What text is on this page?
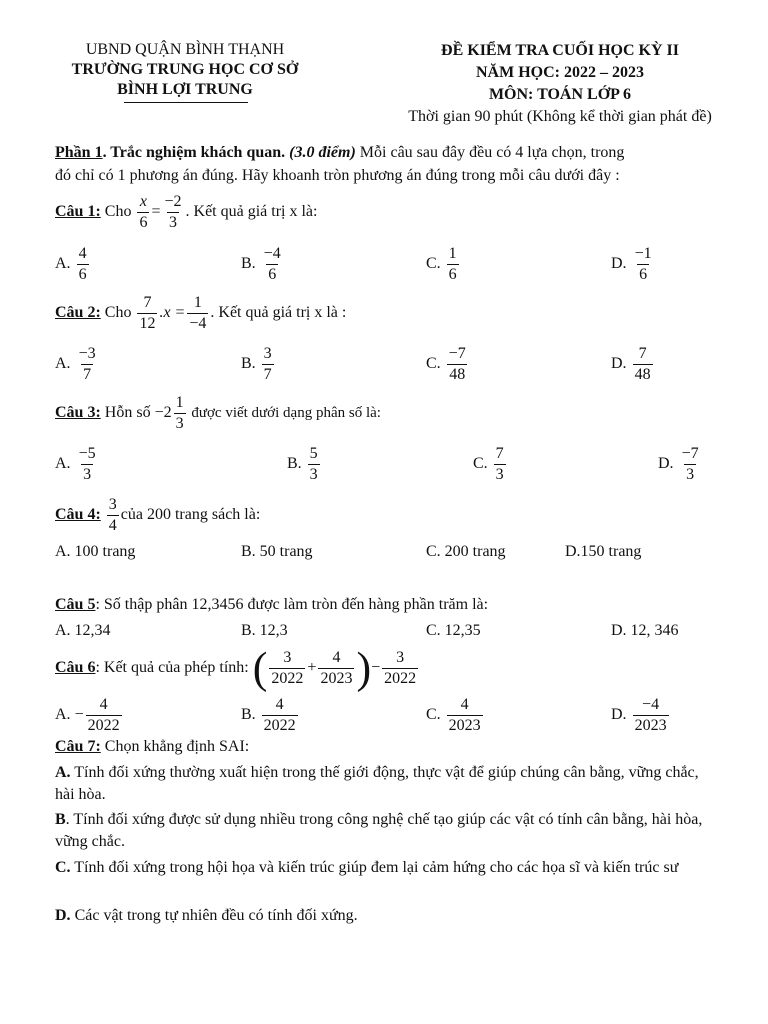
UBND QUẬN BÌNH THẠNH
TRƯỜNG TRUNG HỌC CƠ SỞ
BÌNH LỢI TRUNG
ĐỀ KIỂM TRA CUỐI HỌC KỲ II
NĂM HỌC: 2022 – 2023
MÔN: TOÁN LỚP 6
Thời gian 90 phút (Không kể thời gian phát đề)
Phần 1. Trắc nghiệm khách quan. (3.0 điểm) Mỗi câu sau đây đều có 4 lựa chọn, trong
đó chỉ có 1 phương án đúng. Hãy khoanh tròn phương án đúng trong mỗi câu dưới đây :
Câu 1: Cho $\frac{x}{6} = \frac{-2}{3}$ . Kết quả giá trị x là:
A. $\frac{4}{6}$	B. $\frac{-4}{6}$	C. $\frac{1}{6}$	D. $\frac{-1}{6}$
Câu 2: Cho $\frac{7}{12} .x = \frac{1}{-4}$ . Kết quả giá trị x là :
A. $\frac{-3}{7}$	B. $\frac{3}{7}$	C. $\frac{-7}{48}$	D. $\frac{7}{48}$
Câu 3: Hỗn số $-2 \frac{1}{3}$ được viết dưới dạng phân số là:
A. $\frac{-5}{3}$	B. $\frac{5}{3}$	C. $\frac{7}{3}$	D. $\frac{-7}{3}$
Câu 4: $\frac{3}{4}$ của 200 trang sách là:
A. 100 trang	B. 50 trang	C. 200 trang	D.150 trang
Câu 5: Số thập phân 12,3456 được làm tròn đến hàng phần trăm là:
A. 12,34	B. 12,3	C. 12,35	D. 12, 346
Câu 6: Kết quả của phép tính: ( $\frac{3}{2022} + \frac{4}{2023}$ )− $\frac{3}{2022}$
A. − $\frac{4}{2022}$	B. $\frac{4}{2022}$	C. $\frac{4}{2023}$	D. $\frac{-4}{2023}$
Câu 7: Chọn khẳng định SAI:
A. Tính đối xứng thường xuất hiện trong thế giới động, thực vật để giúp chúng cân bằng, vững chắc, hài hòa.
B. Tính đối xứng được sử dụng nhiều trong công nghệ chế tạo giúp các vật có tính cân bằng, hài hòa, vững chắc.
C. Tính đối xứng trong hội họa và kiến trúc giúp đem lại cảm hứng cho các họa sĩ và kiến trúc sư
D. Các vật trong tự nhiên đều có tính đối xứng.
